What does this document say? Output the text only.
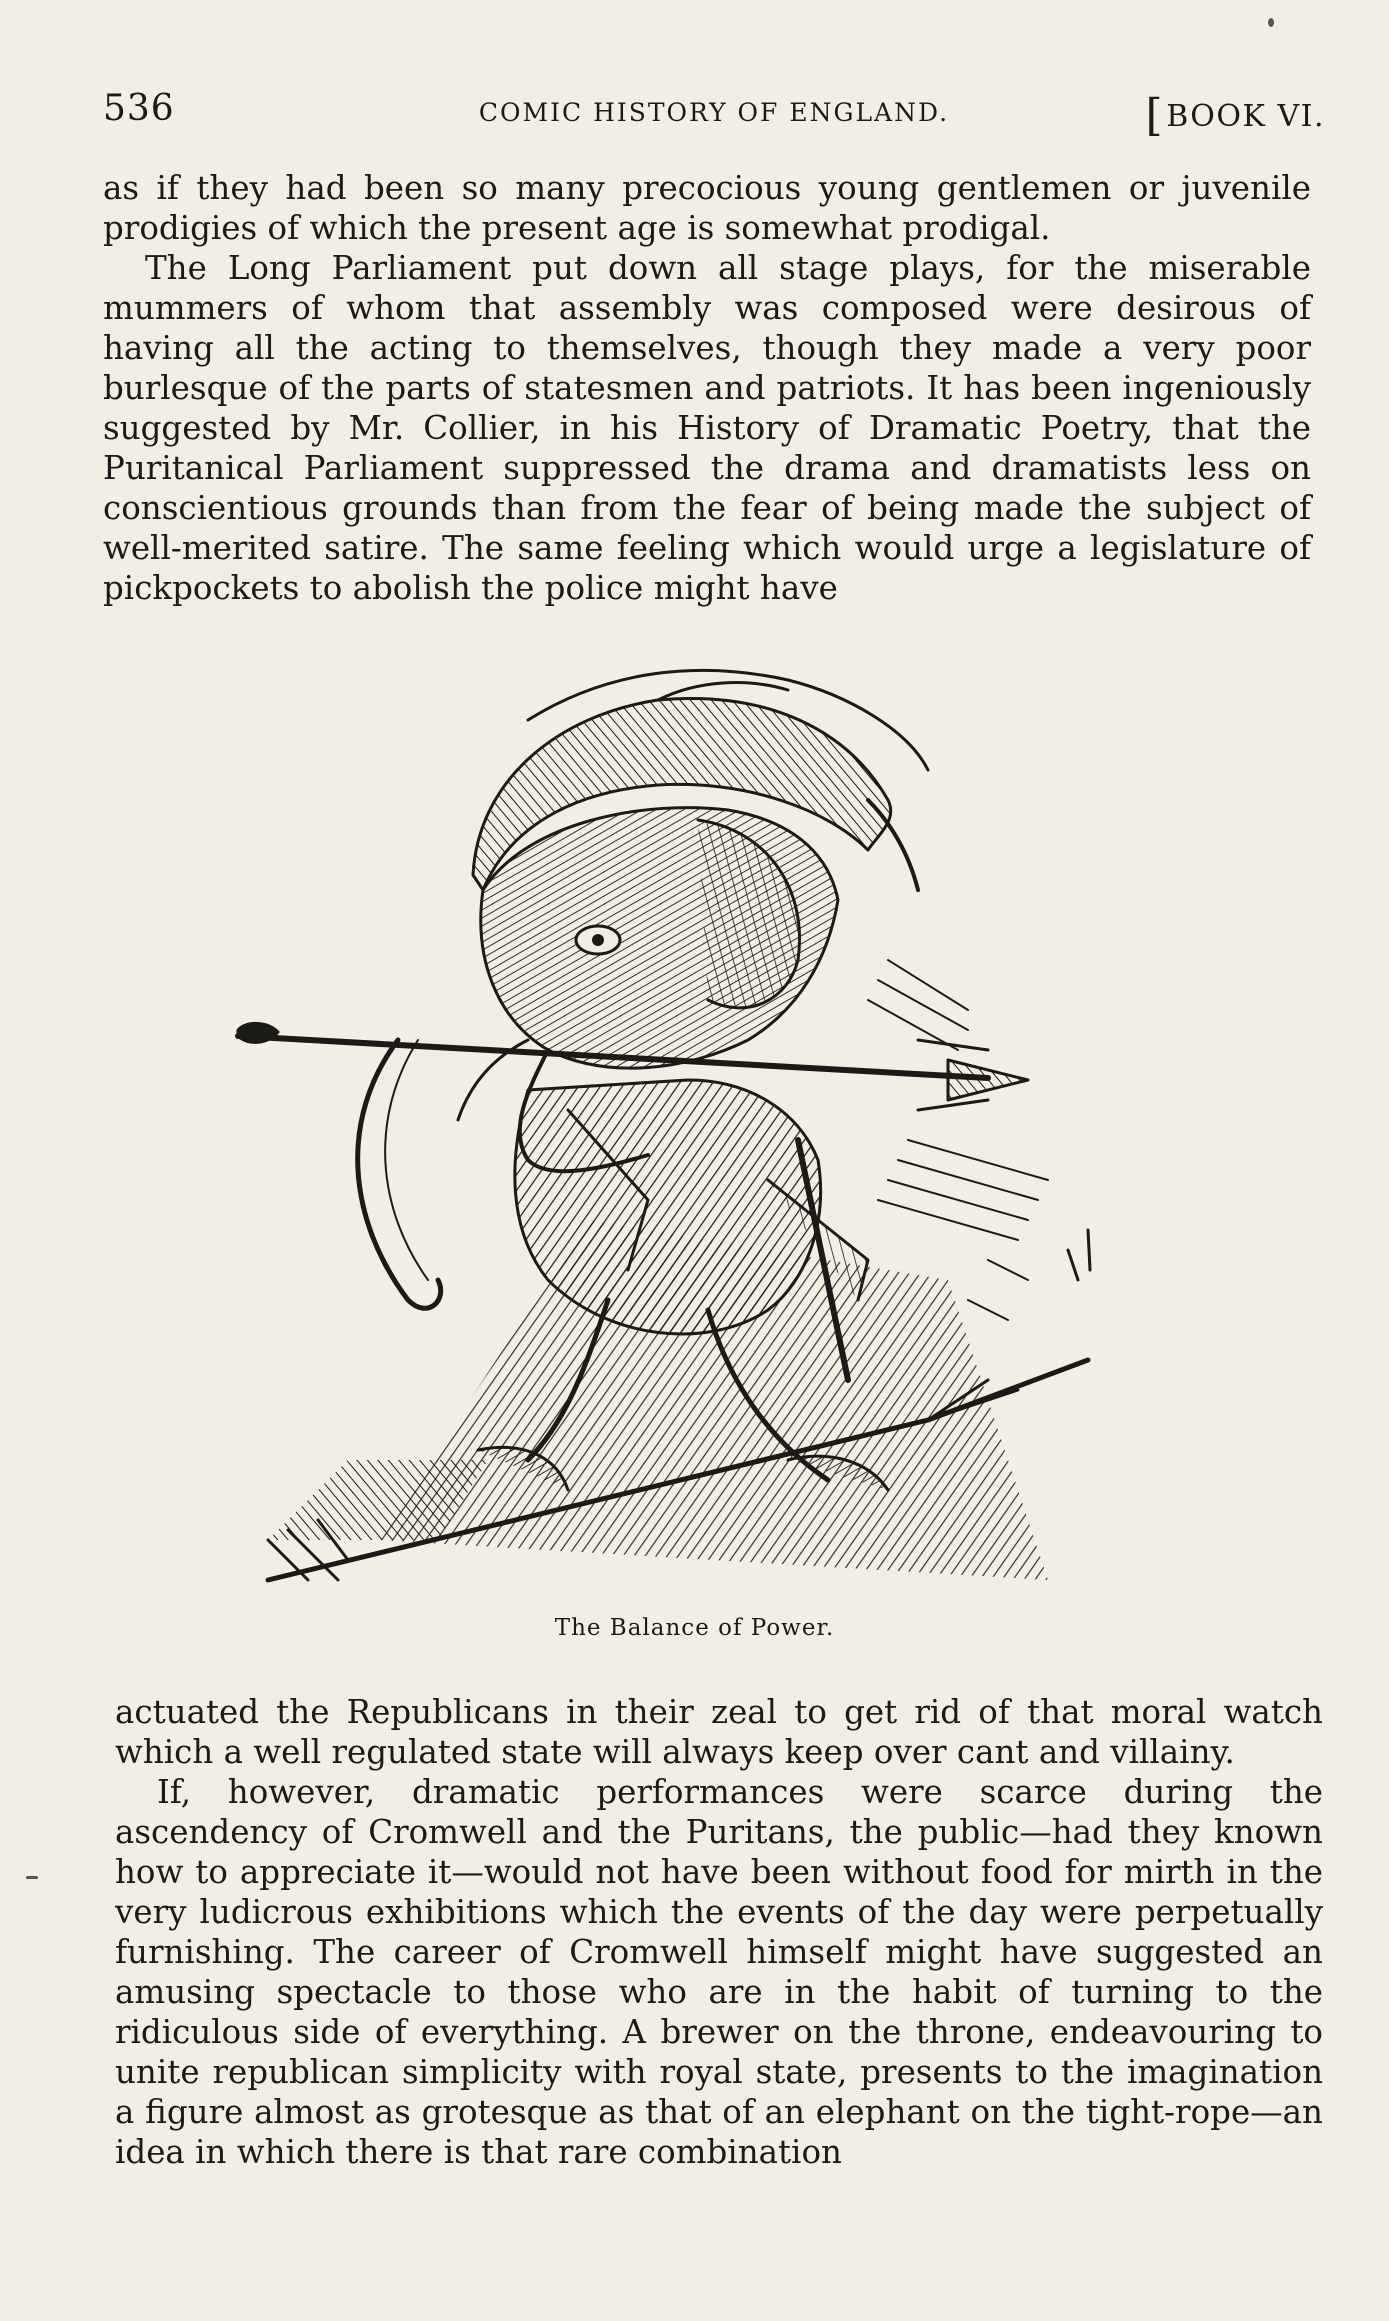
536	COMIC HISTORY OF ENGLAND.	[BOOK VI.

as if they had been so many precocious young gentlemen or juvenile prodigies of which the present age is somewhat prodigal.

The Long Parliament put down all stage plays, for the miserable mummers of whom that assembly was composed were desirous of having all the acting to themselves, though they made a very poor burlesque of the parts of statesmen and patriots. It has been ingeniously suggested by Mr. Collier, in his History of Dramatic Poetry, that the Puritanical Parliament suppressed the drama and dramatists less on conscientious grounds than from the fear of being made the subject of well-merited satire. The same feeling which would urge a legislature of pickpockets to abolish the police might have

The Balance of Power.

actuated the Republicans in their zeal to get rid of that moral watch which a well regulated state will always keep over cant and villainy.

If, however, dramatic performances were scarce during the ascendency of Cromwell and the Puritans, the public—had they known how to appreciate it—would not have been without food for mirth in the very ludicrous exhibitions which the events of the day were perpetually furnishing. The career of Cromwell himself might have suggested an amusing spectacle to those who are in the habit of turning to the ridiculous side of everything. A brewer on the throne, endeavouring to unite republican simplicity with royal state, presents to the imagination a figure almost as grotesque as that of an elephant on the tight-rope—an idea in which there is that rare combination
